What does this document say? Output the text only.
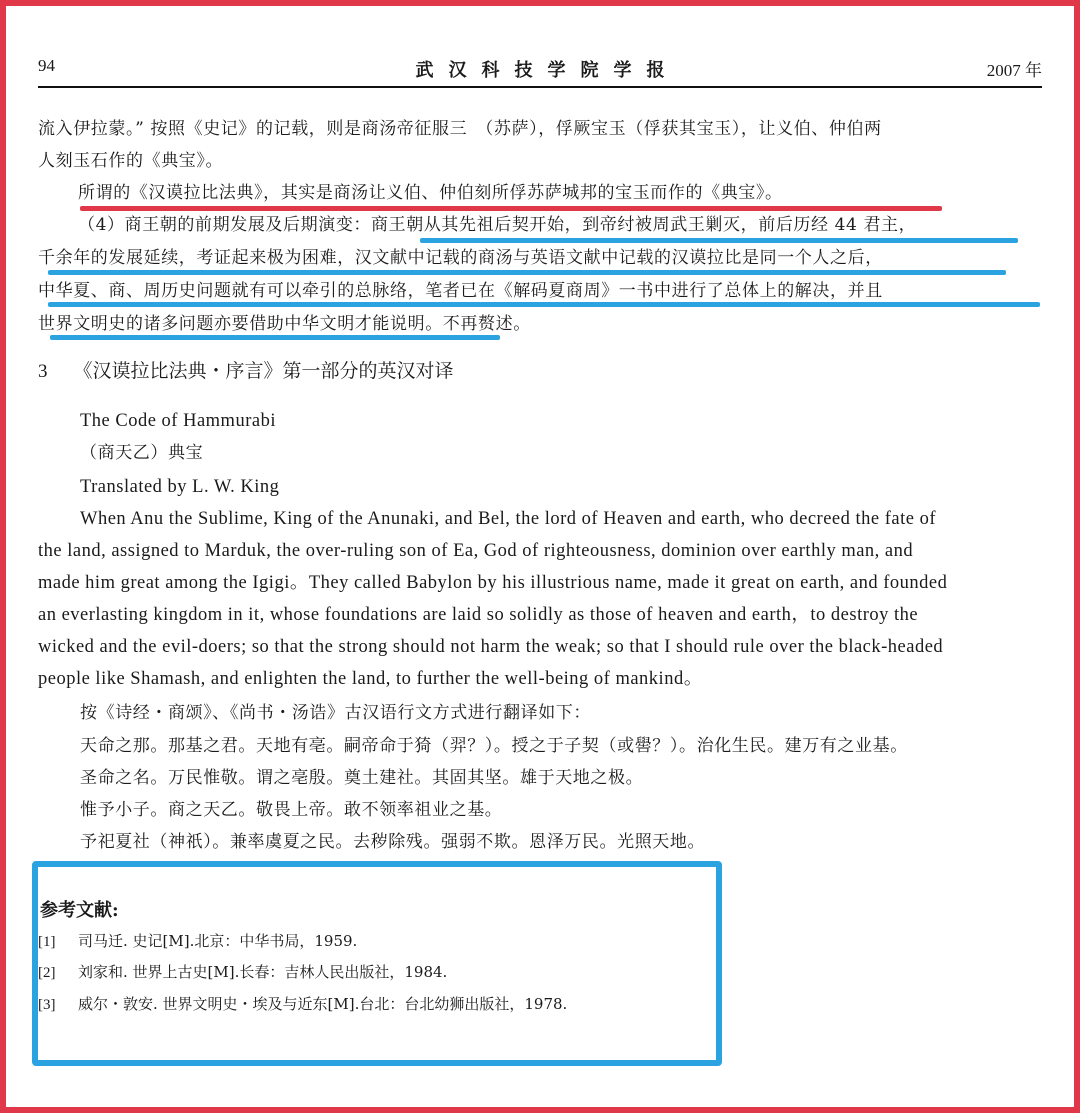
94	武汉科技学院学报	2007 年
流入伊拉蒙。” 按照《史记》的记载，则是商汤帝征服三　（苏萨），俘厥宝玉（俘获其宝玉），让义伯、仲伯两
人刻玉石作的《典宝》。
所谓的《汉谟拉比法典》，其实是商汤让义伯、仲伯刻所俘苏萨城邦的宝玉而作的《典宝》。
（4）商王朝的前期发展及后期演变：商王朝从其先祖后契开始，到帝纣被周武王剿灭，前后历经 44 君主，
千余年的发展延续，考证起来极为困难，汉文献中记载的商汤与英语文献中记载的汉谟拉比是同一个人之后，
中华夏、商、周历史问题就有可以牵引的总脉络，笔者已在《解码夏商周》一书中进行了总体上的解决，并且
世界文明史的诸多问题亦要借助中华文明才能说明。不再赘述。
3 《汉谟拉比法典・序言》第一部分的英汉对译
The Code of Hammurabi
（商天乙）典宝
Translated by L. W. King
When Anu the Sublime, King of the Anunaki, and Bel, the lord of Heaven and earth, who decreed the fate of
the land, assigned to Marduk, the over-ruling son of Ea, God of righteousness, dominion over earthly man, and
made him great among the Igigi。They called Babylon by his illustrious name, made it great on earth, and founded
an everlasting kingdom in it, whose foundations are laid so solidly as those of heaven and earth，to destroy the
wicked and the evil-doers; so that the strong should not harm the weak; so that I should rule over the black-headed
people like Shamash, and enlighten the land, to further the well-being of mankind。
按《诗经・商颂》、《尚书・汤诰》古汉语行文方式进行翻译如下：
天命之那。那基之君。天地有亳。嗣帝命于猗（羿？）。授之于子契（或嚳？）。治化生民。建万有之业基。
圣命之名。万民惟敬。谓之亳殷。奠土建社。其固其坚。雄于天地之极。
惟予小子。商之天乙。敬畏上帝。敢不领率祖业之基。
予祀夏社（神祇）。兼率虞夏之民。去秽除残。强弱不欺。恩泽万民。光照天地。
参考文献:
[1] 司马迁. 史记[M].北京：中华书局，1959.
[2] 刘家和. 世界上古史[M].长春：吉林人民出版社，1984.
[3] 威尔・敦安. 世界文明史・埃及与近东[M].台北：台北幼狮出版社，1978.
